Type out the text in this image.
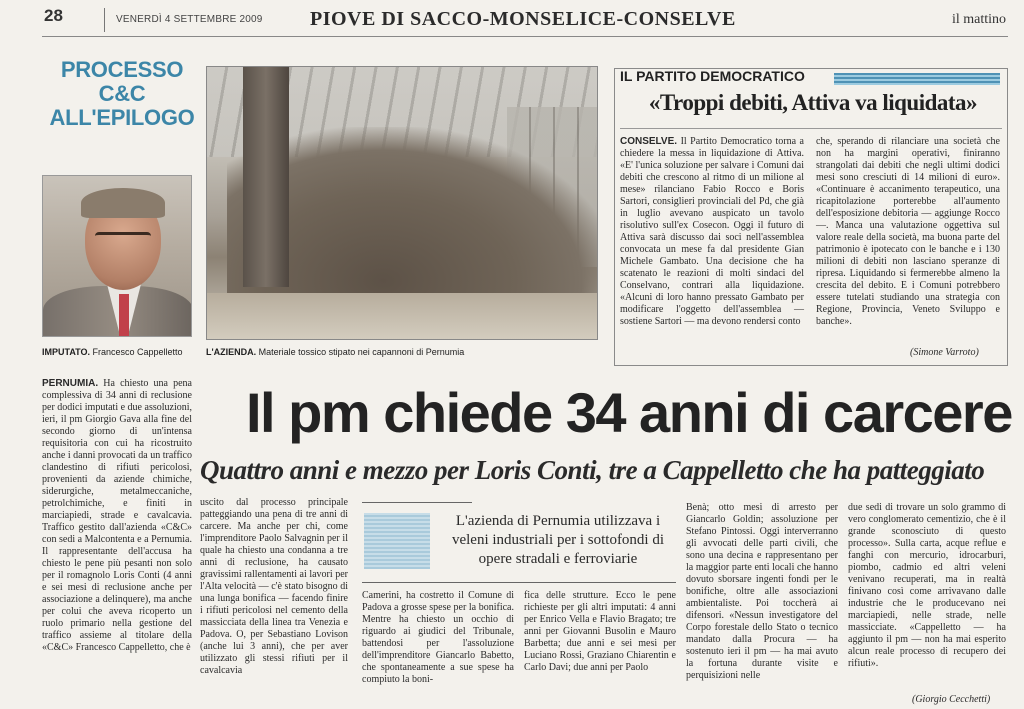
28	VENERDÌ 4 SETTEMBRE 2009 PIOVE DI SACCO-MONSELICE-CONSELVE	il mattino
PROCESSO C&C ALL'EPILOGO
IMPUTATO. Francesco Cappelletto	L'AZIENDA. Materiale tossico stipato nei capannoni di Pernumia
IL PARTITO DEMOCRATICO
«Troppi debiti, Attiva va liquidata»
CONSELVE. Il Partito Democratico torna a chiedere la messa in liquidazione di Attiva. «E' l'unica soluzione per salvare i Comuni dai debiti che crescono al ritmo di un milione al mese» rilanciano Fabio Rocco e Boris Sartori, consiglieri provinciali del Pd, che già in luglio avevano auspicato un tavolo risolutivo sull'ex Cosecon. Oggi il futuro di Attiva sarà discusso dai soci nell'assemblea convocata un mese fa dal presidente Gian Michele Gambato. Una decisione che ha scatenato le reazioni di molti sindaci del Conselvano, contrari alla liquidazione. «Alcuni di loro hanno pressato Gambato per modificare l'oggetto dell'assemblea — sostiene Sartori — ma devono rendersi conto
che, sperando di rilanciare una società che non ha margini operativi, finiranno strangolati dai debiti che negli ultimi dodici mesi sono cresciuti di 14 milioni di euro». «Continuare è accanimento terapeutico, una ricapitolazione porterebbe all'aumento dell'esposizione debitoria — aggiunge Rocco —. Manca una valutazione oggettiva sul valore reale della società, ma buona parte del patrimonio è ipotecato con le banche e i 130 milioni di debiti non lasciano speranze di ripresa. Liquidando si fermerebbe almeno la crescita del debito. E i Comuni potrebbero essere tutelati studiando una strategia con Regione, Provincia, Veneto Sviluppo e banche».
(Simone Varroto)
Il pm chiede 34 anni di carcere
Quattro anni e mezzo per Loris Conti, tre a Cappelletto che ha patteggiato
PERNUMIA. Ha chiesto una pena complessiva di 34 anni di reclusione per dodici imputati e due assoluzioni, ieri, il pm Giorgio Gava alla fine del secondo giorno di un'intensa requisitoria con cui ha ricostruito anche i danni provocati da un traffico clandestino di rifiuti pericolosi, provenienti da aziende chimiche, siderurgiche, metalmeccaniche, petrolchimiche, e finiti in marciapiedi, strade e cavalcavia. Traffico gestito dall'azienda «C&C» con sedi a Malcontenta e a Pernumia. Il rappresentante dell'accusa ha chiesto le pene più pesanti non solo per il romagnolo Loris Conti (4 anni e sei mesi di reclusione anche per associazione a delinquere), ma anche per colui che aveva ricoperto un ruolo primario nella gestione del traffico assieme al titolare della «C&C» Francesco Cappelletto, che è
uscito dal processo principale patteggiando una pena di tre anni di carcere. Ma anche per chi, come l'imprenditore Paolo Salvagnin per il quale ha chiesto una condanna a tre anni di reclusione, ha causato gravissimi rallentamenti ai lavori per l'Alta velocità — c'è stato bisogno di una lunga bonifica — facendo finire i rifiuti pericolosi nel cemento della massicciata della linea tra Venezia e Padova. O, per Sebastiano Lovison (anche lui 3 anni), che per aver utilizzato gli stessi rifiuti per il cavalcavia
L'azienda di Pernumia utilizzava i veleni industriali per i sottofondi di opere stradali e ferroviarie
Camerini, ha costretto il Comune di Padova a grosse spese per la bonifica. Mentre ha chiesto un occhio di riguardo ai giudici del Tribunale, battendosi per l'assoluzione dell'imprenditore Giancarlo Babetto, che spontaneamente a sue spese ha compiuto la boni-
fica delle strutture. Ecco le pene richieste per gli altri imputati: 4 anni per Enrico Vella e Flavio Bragato; tre anni per Giovanni Busolin e Mauro Barbetta; due anni e sei mesi per Luciano Rossi, Graziano Chiarentin e Carlo Davi; due anni per Paolo
Benà; otto mesi di arresto per Giancarlo Goldin; assoluzione per Stefano Pintossi. Oggi interverranno gli avvocati delle parti civili, che sono una decina e rappresentano per la maggior parte enti locali che hanno dovuto sborsare ingenti fondi per le bonifiche, oltre alle associazioni ambientaliste. Poi toccherà ai difensori. «Nessun investigatore del Corpo forestale dello Stato o tecnico mandato dalla Procura — ha sostenuto ieri il pm — ha mai avuto la fortuna durante visite e perquisizioni nelle
due sedi di trovare un solo grammo di vero conglomerato cementizio, che è il grande sconosciuto di questo processo». Sulla carta, acque reflue e fanghi con mercurio, idrocarburi, piombo, cadmio ed altri veleni venivano recuperati, ma in realtà finivano così come arrivavano dalle industrie che le producevano nei marciapiedi, nelle strade, nelle massicciate. «Cappelletto — ha aggiunto il pm — non ha mai esperito alcun reale processo di recupero dei rifiuti».
(Giorgio Cecchetti)
